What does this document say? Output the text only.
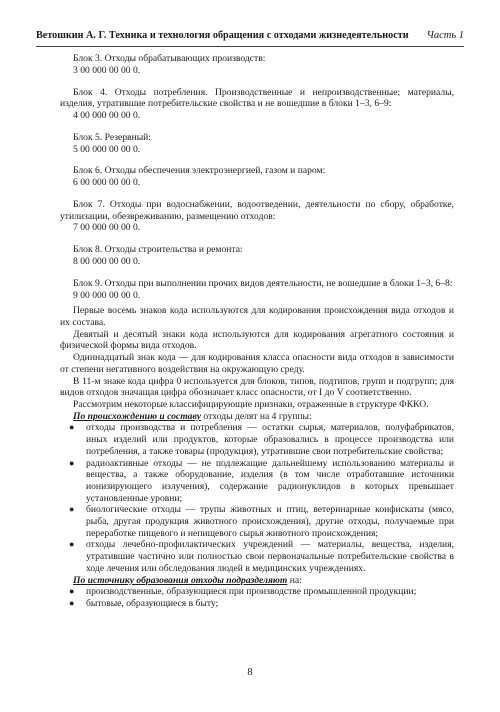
Ветошкин А. Г. Техника и технология обращения с отходами жизнедеятельности Часть 1

Блок 3. Отходы обрабатывающих производств:

3 00 000 00 00 0.

Блок 4. Отходы потребления. Производственные и непроизводственные; материалы, изделия, утратившие потребительские свойства и не вошедшие в блоки 1–3, 6–9:

4 00 000 00 00 0.

Блок 5. Резервный:

5 00 000 00 00 0.

Блок 6. Отходы обеспечения электроэнергией, газом и паром:

6 00 000 00 00 0.

Блок 7. Отходы при водоснабжении, водоотведении, деятельности по сбору, обработке, утилизации, обезвреживанию, размещению отходов:

7 00 000 00 00 0.

Блок 8. Отходы строительства и ремонта:

8 00 000 00 00 0.

Блок 9. Отходы при выполнении прочих видов деятельности, не вошедшие в блоки 1–3, 6–8:

9 00 000 00 00 0.

Первые восемь знаков кода используются для кодирования происхождения вида отходов и их состава.

Девятый и десятый знаки кода используются для кодирования агрегатного состояния и физической формы вида отходов.

Одиннадцатый знак кода — для кодирования класса опасности вида отходов в зависимости от степени негативного воздействия на окружающую среду.

В 11-м знаке кода цифра 0 используется для блоков, типов, подтипов, групп и подгрупп; для видов отходов значащая цифра обозначает класс опасности, от I до V соответственно.

Рассмотрим некоторые классифицирующие признаки, отраженные в структуре ФККО.

По происхождению и составу отходы делят на 4 группы:

● отходы производства и потребления — остатки сырья, материалов, полуфабрикатов, иных изделий или продуктов, которые образовались в процессе производства или потребления, а также товары (продукция), утратившие свои потребительские свойства;
● радиоактивные отходы — не подлежащие дальнейшему использованию материалы и вещества, а также оборудование, изделия (в том числе отработавшие источники ионизирующего излучения), содержание радионуклидов в которых превышает установленные уровни;
● биологические отходы — трупы животных и птиц, ветеринарные конфискаты (мясо, рыба, другая продукция животного происхождения), другие отходы, получаемые при переработке пищевого и непищевого сырья животного происхождения;
● отходы лечебно-профилактических учреждений — материалы, вещества, изделия, утратившие частично или полностью свои первоначальные потребительские свойства в ходе лечения или обследования людей в медицинских учреждениях.

По источнику образования отходы подразделяют на:

● производственные, образующиеся при производстве промышленной продукции;
● бытовые, образующиеся в быту;
8
